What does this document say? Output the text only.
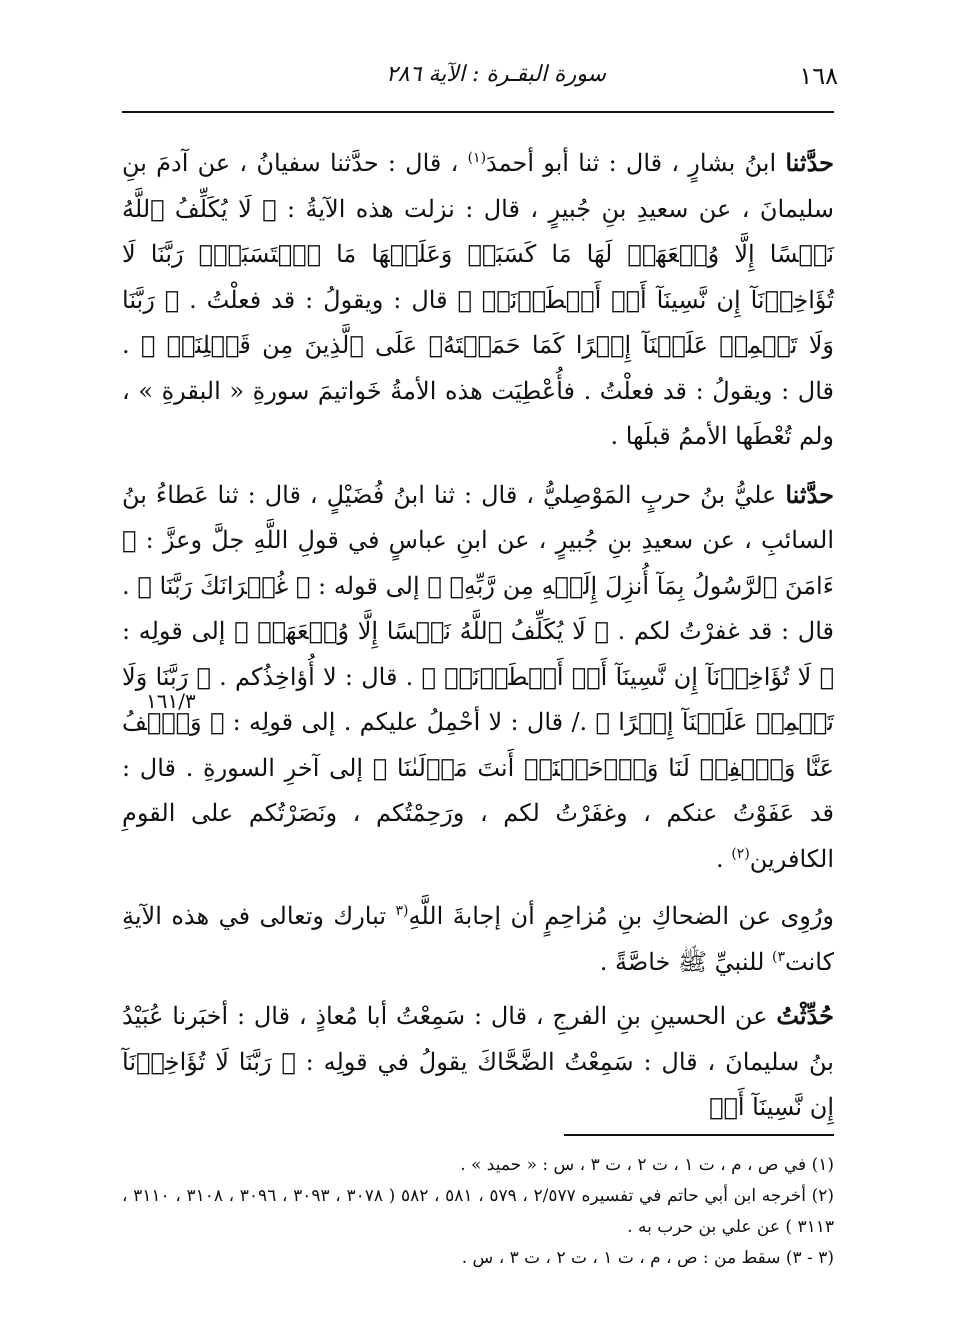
١٦٨
سورة البقـرة : الآية ٢٨٦
١٦١/٣

حدَّثنا ابنُ بشارٍ ، قال : ثنا أبو أحمدَ$^{(١)}$ ، قال : حدَّثنا سفيانُ ، عن آدمَ بنِ سليمانَ ، عن سعيدِ بنِ جُبيرٍ ، قال : نزلت هذه الآيةُ : ﴿ لَا يُكَلِّفُ ٱللَّهُ نَفۡسًا إِلَّا وُسۡعَهَاۚ لَهَا مَا كَسَبَتۡ وَعَلَيۡهَا مَا ٱكۡتَسَبَتۡۗ رَبَّنَا لَا تُؤَاخِذۡنَآ إِن نَّسِينَآ أَوۡ أَخۡطَأۡنَاۚ ﴾ قال : ويقولُ : قد فعلْتُ . ﴿ رَبَّنَا وَلَا تَحۡمِلۡ عَلَيۡنَآ إِصۡرًا كَمَا حَمَلۡتَهُۥ عَلَى ٱلَّذِينَ مِن قَبۡلِنَاۚ ﴾ . قال : ويقولُ : قد فعلْتُ . فأُعْطِيَت هذه الأمةُ خَواتيمَ سورةِ « البقرةِ » ، ولم تُعْطَها الأممُ قبلَها .

حدَّثنا عليُّ بنُ حربٍ المَوْصِليُّ ، قال : ثنا ابنُ فُضَيْلٍ ، قال : ثنا عَطاءُ بنُ السائبِ ، عن سعيدِ بنِ جُبيرٍ ، عن ابنِ عباسٍ في قولِ اللَّهِ جلَّ وعزَّ : ﴿ ءَامَنَ ٱلرَّسُولُ بِمَآ أُنزِلَ إِلَيۡهِ مِن رَّبِّهِۦ ﴾ إلى قوله : ﴿ غُفۡرَانَكَ رَبَّنَا ﴾ . قال : قد غفرْتُ لكم . ﴿ لَا يُكَلِّفُ ٱللَّهُ نَفۡسًا إِلَّا وُسۡعَهَاۚ ﴾ إلى قولِه : ﴿ لَا تُؤَاخِذۡنَآ إِن نَّسِينَآ أَوۡ أَخۡطَأۡنَاۚ ﴾ . قال : لا أُؤاخِذُكم . ﴿ رَبَّنَا وَلَا تَحۡمِلۡ عَلَيۡنَآ إِصۡرًا ﴾ ./ قال : لا أحْمِلُ عليكم . إلى قولِه : ﴿ وَٱعۡفُ عَنَّا وَٱغۡفِرۡ لَنَا وَٱرۡحَمۡنَاۚ أَنتَ مَوۡلَىٰنَا ﴾ إلى آخرِ السورةِ . قال : قد عَفَوْتُ عنكم ، وغفَرْتُ لكم ، ورَحِمْتُكم ، ونَصَرْتُكم على القومِ الكافرين$^{(٢)}$ .

ورُوِى عن الضحاكِ بنِ مُزاحِمٍ أن إجابةَ اللَّهِ$^{(٣}$ تبارك وتعالى في هذه الآيةِ كانت$^{٣)}$ للنبيِّ ﷺ خاصَّةً .

حُدِّثْتُ عن الحسينِ بنِ الفرجِ ، قال : سَمِعْتُ أبا مُعاذٍ ، قال : أخبَرنا عُبَيْدُ بنُ سليمانَ ، قال : سَمِعْتُ الضَّحَّاكَ يقولُ في قولِه : ﴿ رَبَّنَا لَا تُؤَاخِذۡنَآ إِن نَّسِينَآ أَوۡ

(١) في ص ، م ، ت ١ ، ت ٢ ، ت ٣ ، س : « حميد » .

(٢) أخرجه ابن أبي حاتم في تفسيره ٢/٥٧٧ ، ٥٧٩ ، ٥٨١ ، ٥٨٢ ( ٣٠٧٨ ، ٣٠٩٣ ، ٣٠٩٦ ، ٣١٠٨ ، ٣١١٠ ، ٣١١٣ ) عن علي بن حرب به .

(٣ - ٣) سقط من : ص ، م ، ت ١ ، ت ٢ ، ت ٣ ، س .
